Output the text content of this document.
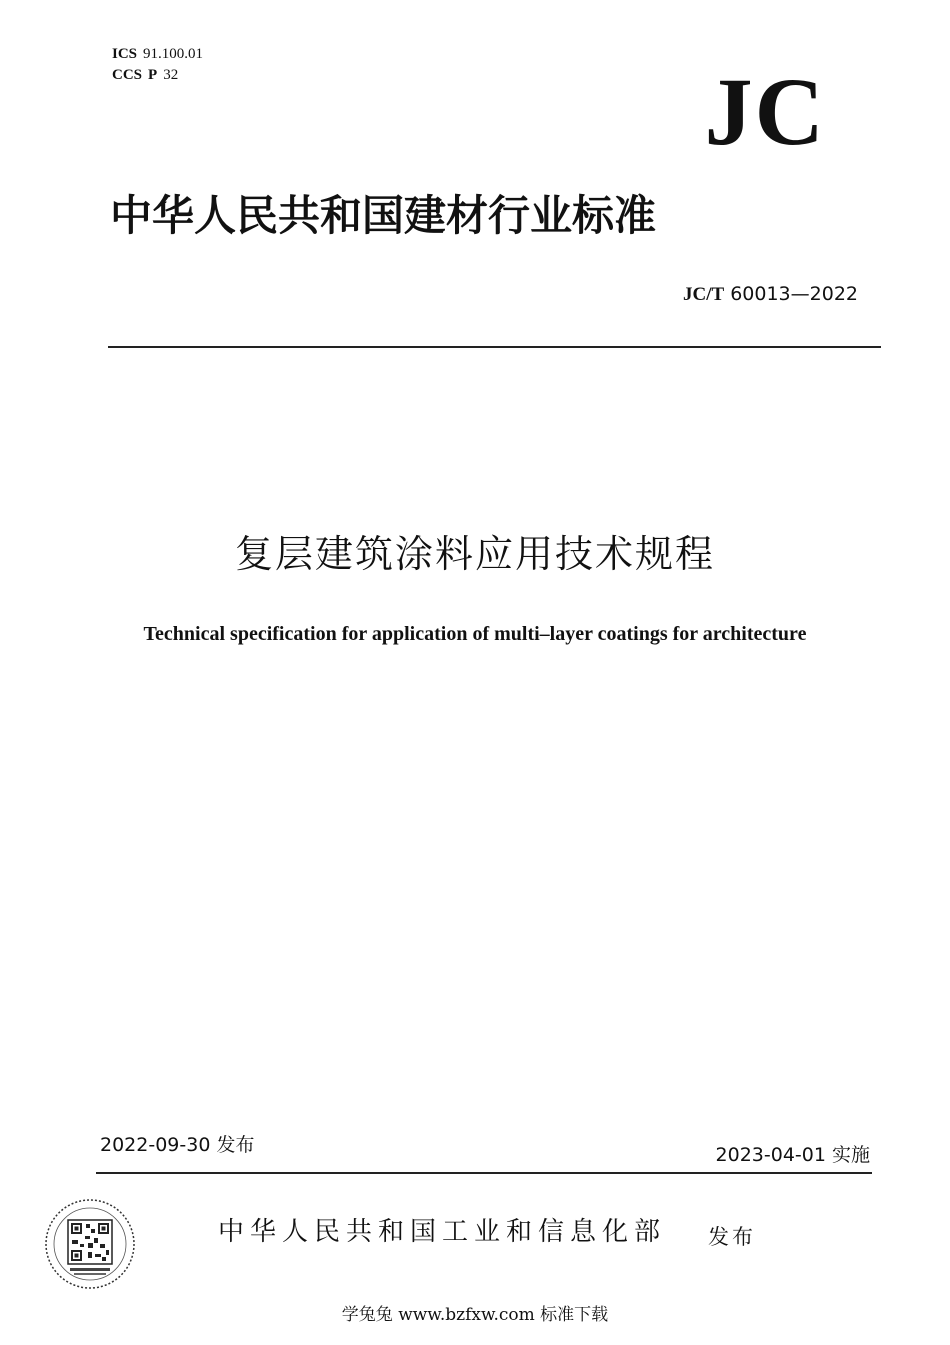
ICS 91.100.01
CCS P 32	JC
中华人民共和国建材行业标准
JC/T 60013—2022
复层建筑涂料应用技术规程
Technical specification for application of multi–layer coatings for architecture
2022-09-30 发布	2023-04-01 实施
中华人民共和国工业和信息化部 发布
学兔兔 www.bzfxw.com 标准下载
